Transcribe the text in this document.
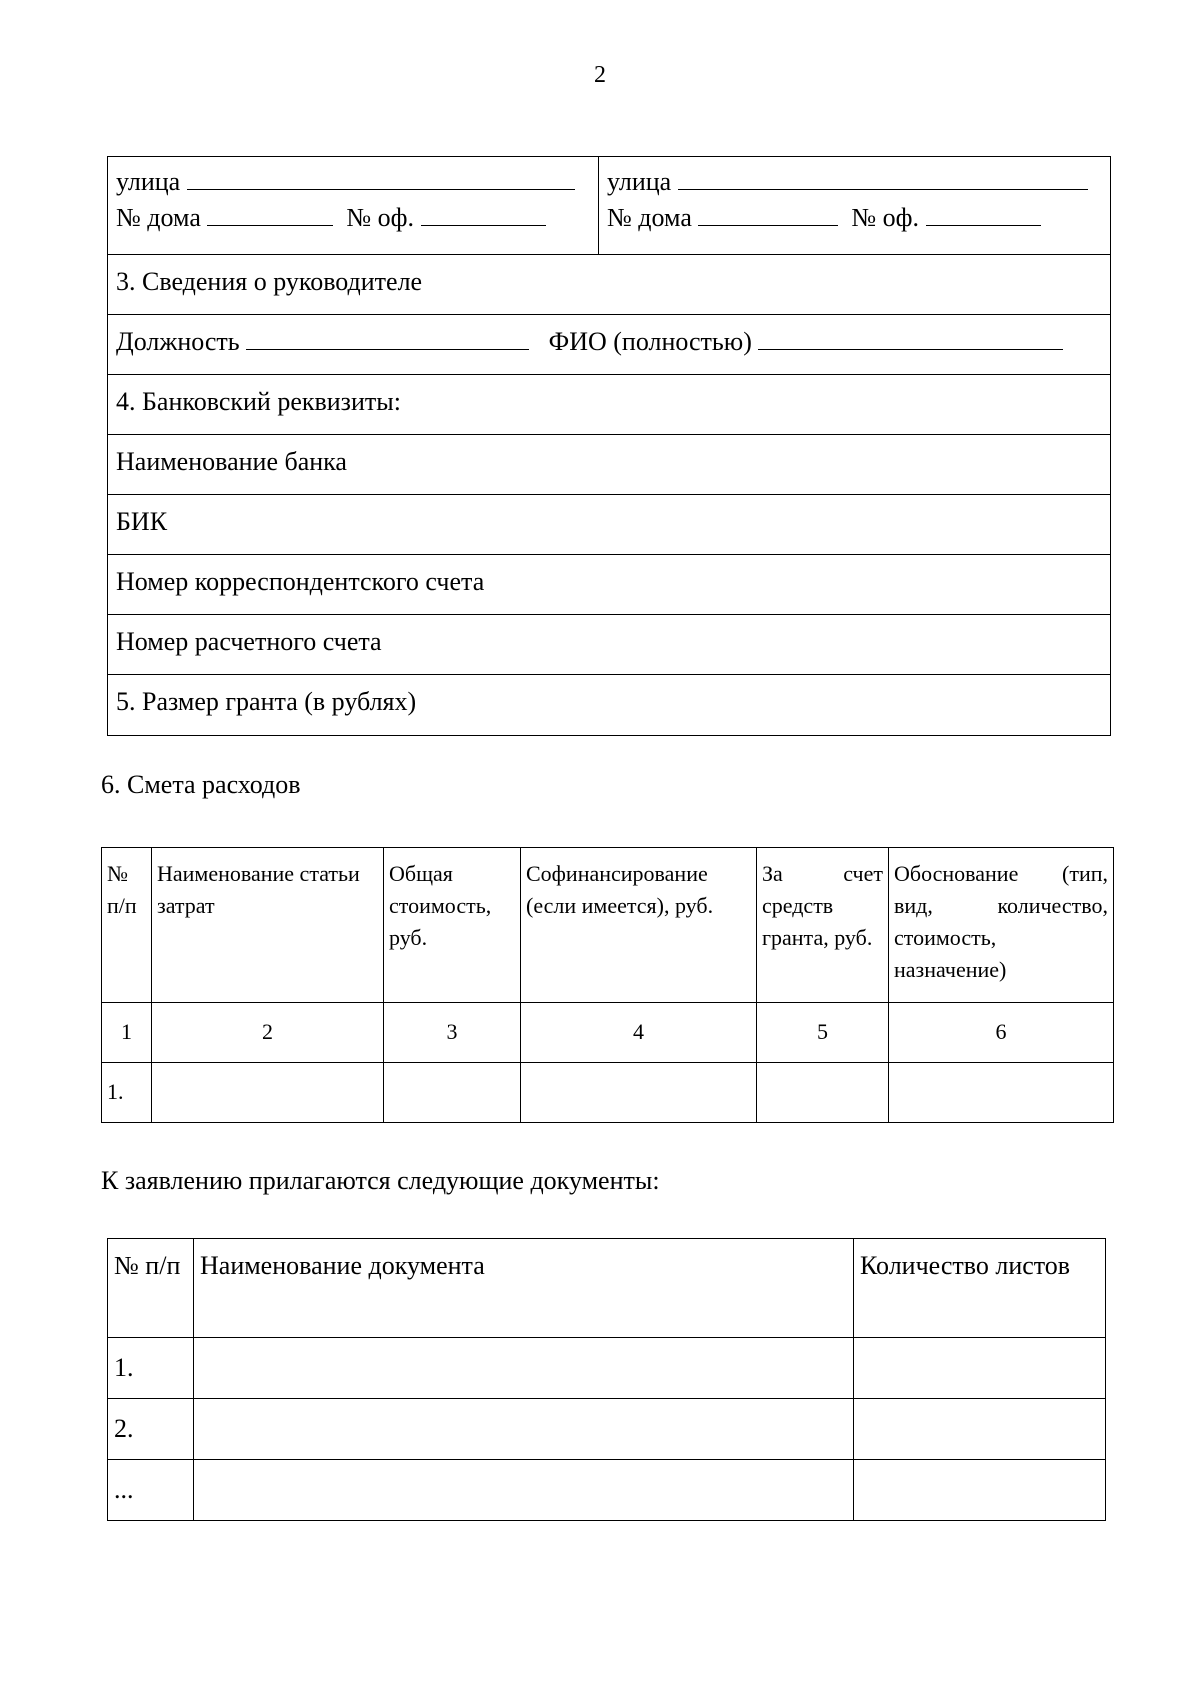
2
улица
№ дома	№ оф.
улица
№ дома	№ оф.
3. Сведения о руководителе
Должность	ФИО (полностью)
4. Банковский реквизиты:
Наименование банка
БИК
Номер корреспондентского счета
Номер расчетного счета
5. Размер гранта (в рублях)
6. Смета расходов
№ п/п	Наименование статьи затрат	Общая стоимость, руб.	Софинансирование (если имеется), руб.	За счет средств гранта, руб.	Обоснование (тип, вид, количество, стоимость, назначение)
1	2	3	4	5	6
1.					
К заявлению прилагаются следующие документы:
№ п/п	Наименование документа	Количество листов
1.		
2.		
...		
